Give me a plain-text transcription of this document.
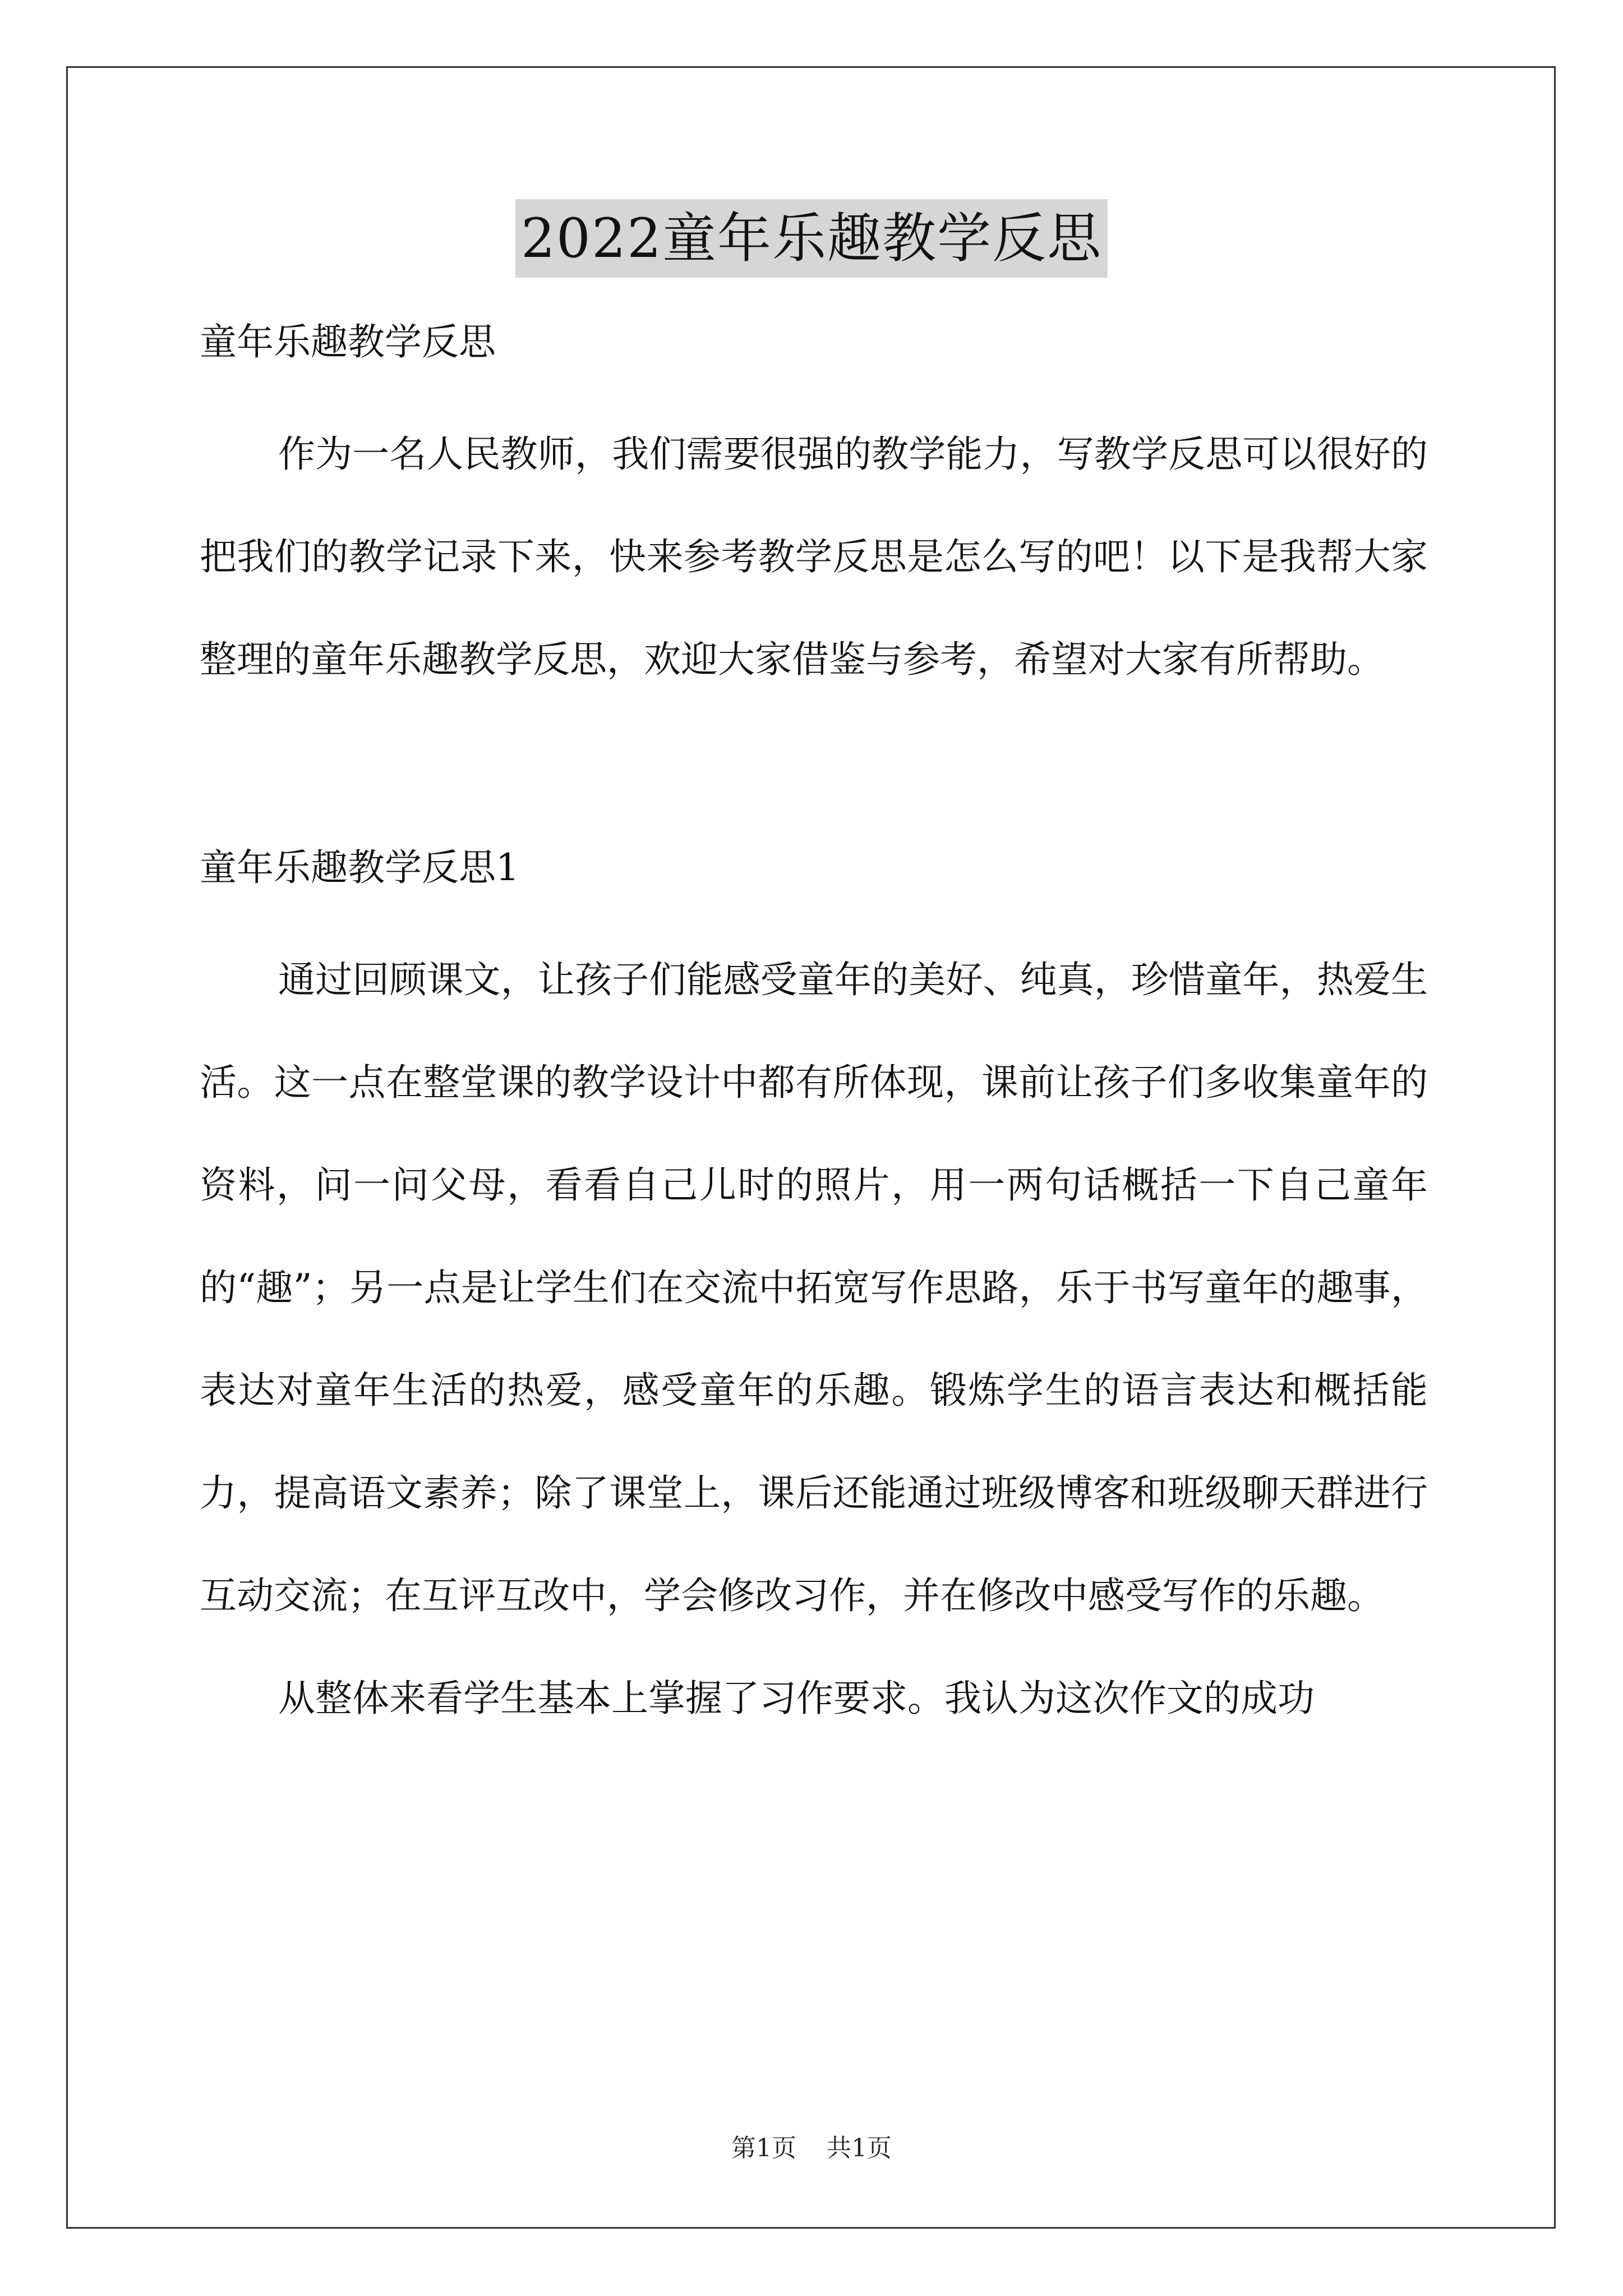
2022童年乐趣教学反思

童年乐趣教学反思

作为一名人民教师，我们需要很强的教学能力，写教学反思可以很好的把我们的教学记录下来，快来参考教学反思是怎么写的吧！以下是我帮大家整理的童年乐趣教学反思，欢迎大家借鉴与参考，希望对大家有所帮助。

童年乐趣教学反思1

通过回顾课文，让孩子们能感受童年的美好、纯真，珍惜童年，热爱生活。这一点在整堂课的教学设计中都有所体现，课前让孩子们多收集童年的资料，问一问父母，看看自己儿时的照片，用一两句话概括一下自己童年的“趣”；另一点是让学生们在交流中拓宽写作思路，乐于书写童年的趣事，表达对童年生活的热爱，感受童年的乐趣。锻炼学生的语言表达和概括能力，提高语文素养；除了课堂上，课后还能通过班级博客和班级聊天群进行互动交流；在互评互改中，学会修改习作，并在修改中感受写作的乐趣。

从整体来看学生基本上掌握了习作要求。我认为这次作文的成功

第1页 共1页
